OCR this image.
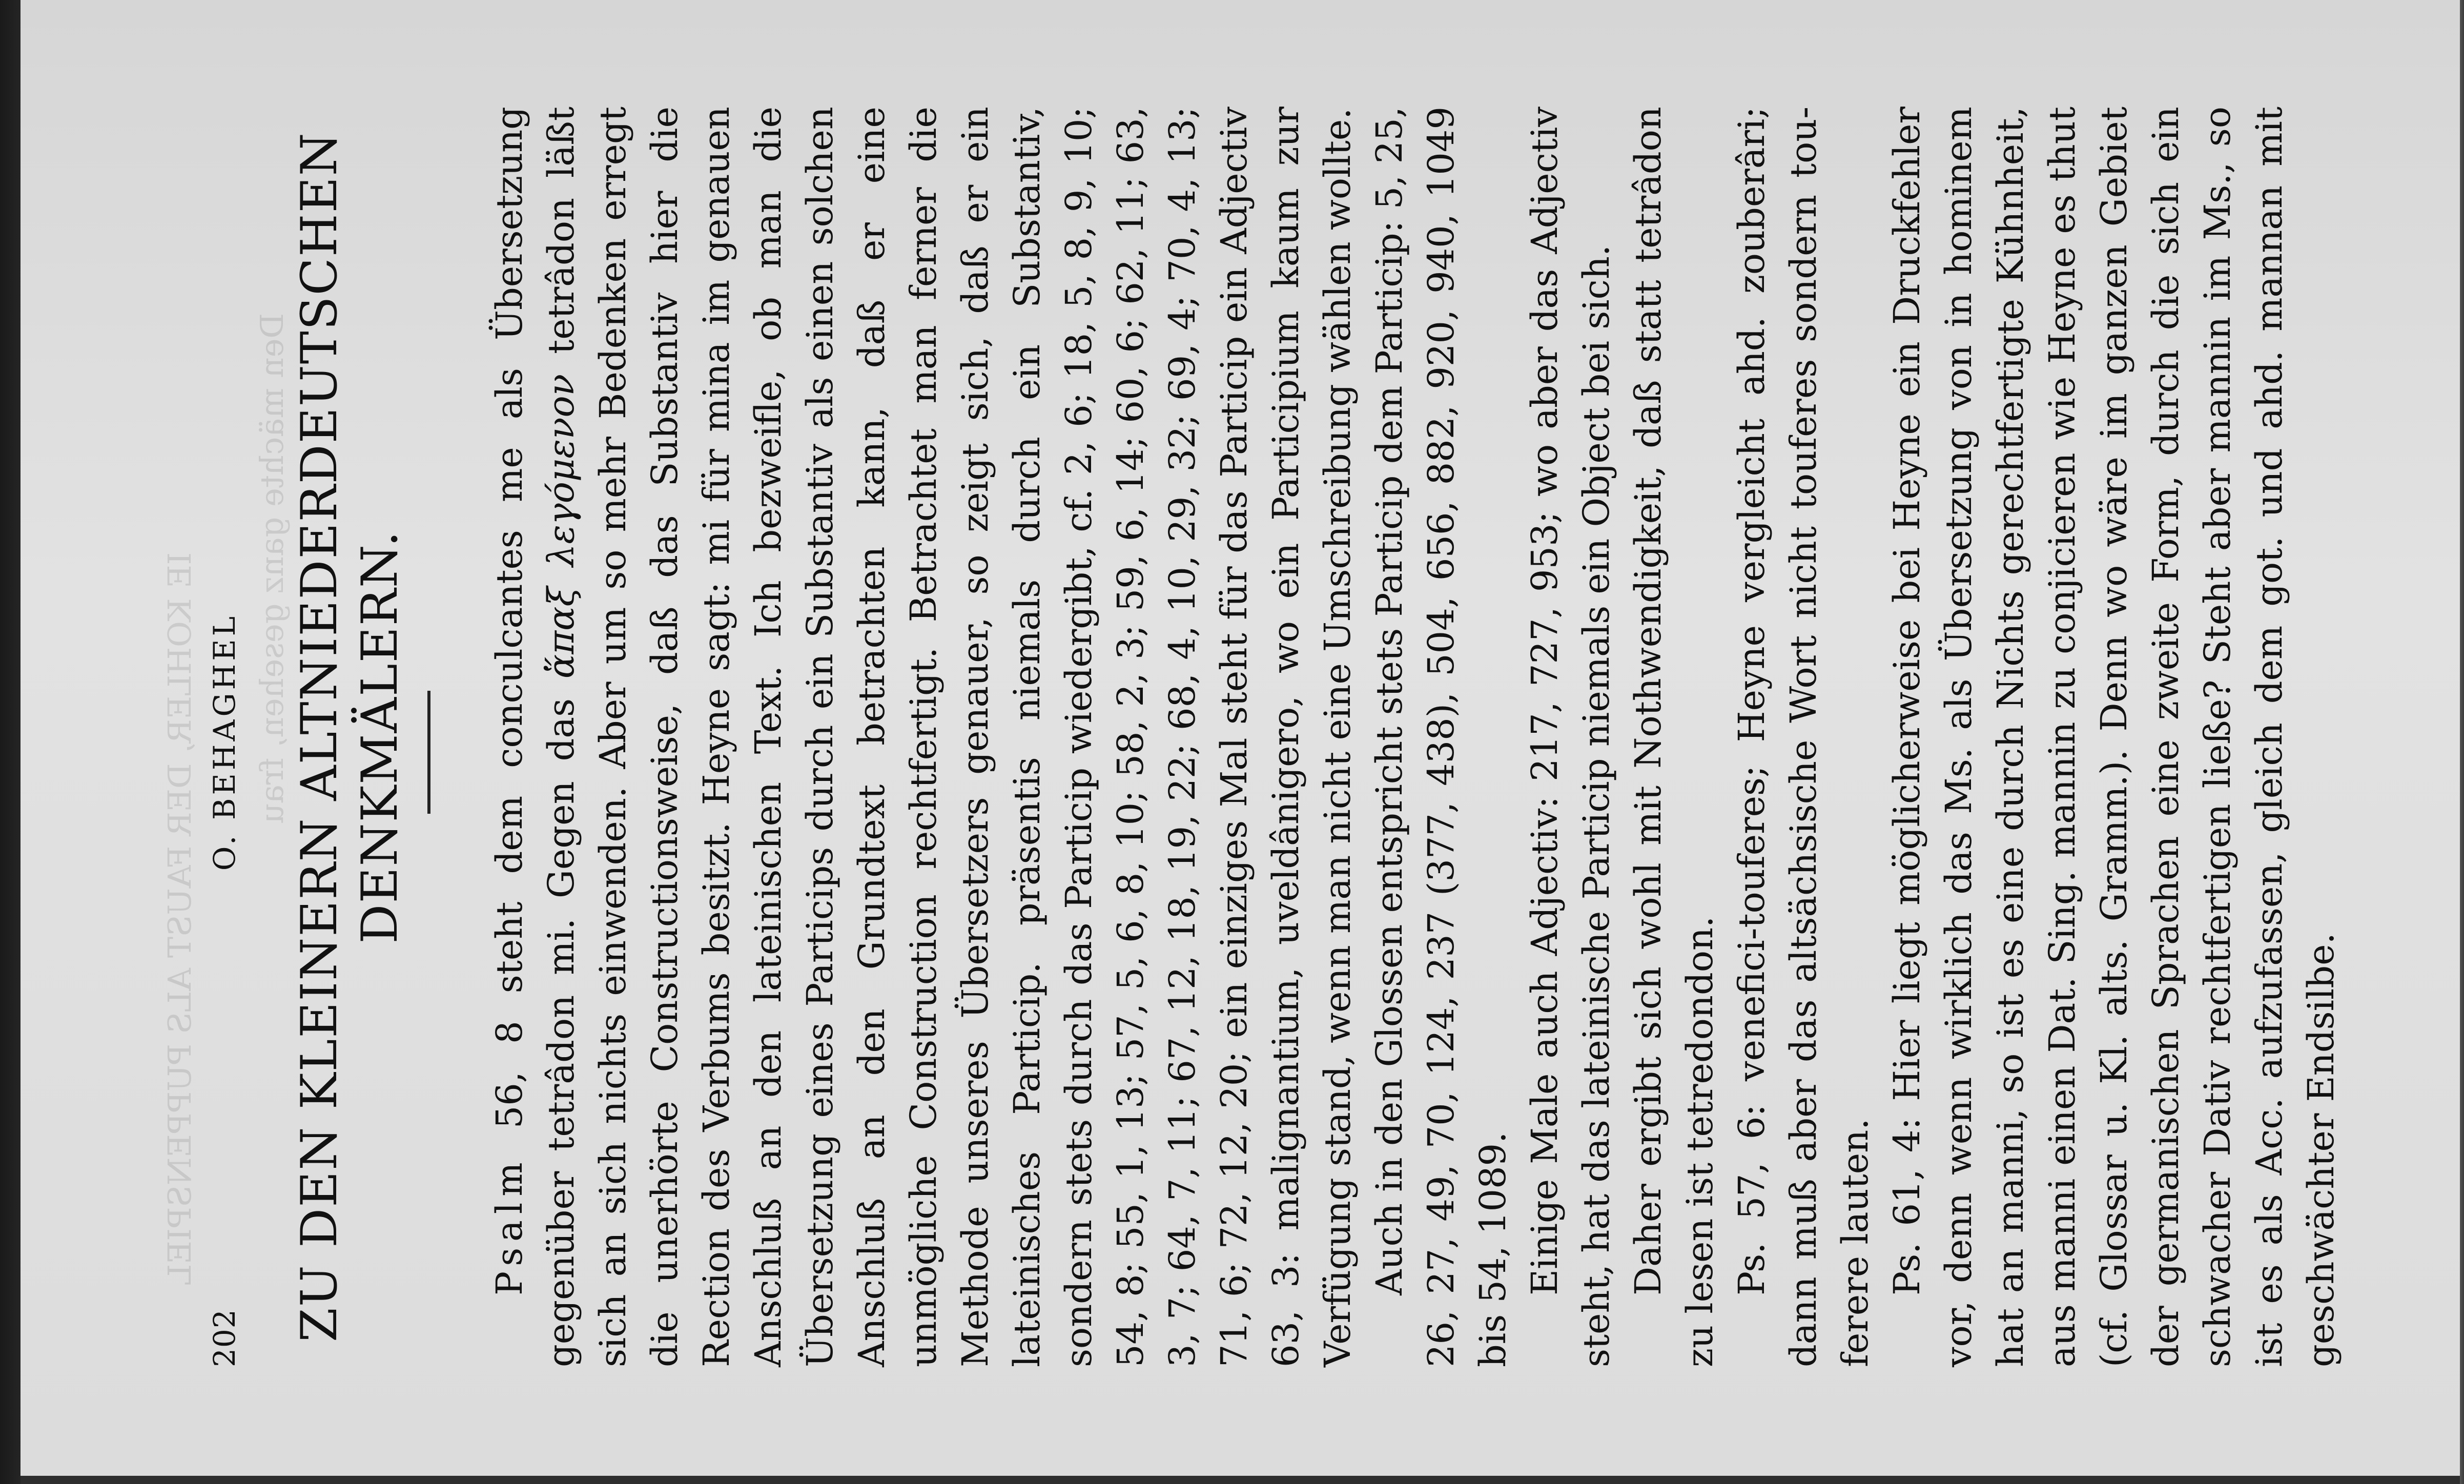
IE KOHLER, DER FAUST ALS PUPPENSPIEL Den mächte ganz gesehen, frau
202
O. BEHAGHEL ZU DEN KLEINERN ALTNIEDERDEUTSCHEN DENKMÄLERN.

Psalm 56, 8 steht dem conculcantes me als Übersetzung gegenüber tetrâdon mi. Gegen das ἅπαξ λεγόμενον tetrâdon läßt sich an sich nichts einwenden. Aber um so mehr Bedenken erregt die unerhörte Constructionsweise, daß das Substantiv hier die Rection des Verbums besitzt. Heyne sagt: mi für mina im genauen Anschluß an den lateinischen Text. Ich bezweifle, ob man die Übersetzung eines Particips durch ein Substantiv als einen solchen Anschluß an den Grundtext betrachten kann, daß er eine unmögliche Construction rechtfertigt. Betrachtet man ferner die Methode unseres Übersetzers genauer, so zeigt sich, daß er ein lateinisches Particip. präsentis niemals durch ein Substantiv, sondern stets durch das Particip wiedergibt, cf. 2, 6; 18, 5, 8, 9, 10; 54, 8; 55, 1, 13; 57, 5, 6, 8, 10; 58, 2, 3; 59, 6, 14; 60, 6; 62, 11; 63, 3, 7; 64, 7, 11; 67, 12, 18, 19, 22; 68, 4, 10, 29, 32; 69, 4; 70, 4, 13; 71, 6; 72, 12, 20; ein einziges Mal steht für das Particip ein Adjectiv 63, 3: malignantium, uveldânigero, wo ein Participium kaum zur Verfügung stand, wenn man nicht eine Umschreibung wählen wollte. Auch in den Glossen entspricht stets Particip dem Particip: 5, 25, 26, 27, 49, 70, 124, 237 (377, 438), 504, 656, 882, 920, 940, 1049 bis 54, 1089. Einige Male auch Adjectiv: 217, 727, 953; wo aber das Adjectiv steht, hat das lateinische Particip niemals ein Object bei sich. Daher ergibt sich wohl mit Nothwendigkeit, daß statt tetrâdon zu lesen ist tetredondon. Ps. 57, 6: venefici-touferes; Heyne vergleicht ahd. zouberâri; dann muß aber das altsächsische Wort nicht touferes sondern touferere lauten. Ps. 61, 4: Hier liegt möglicherweise bei Heyne ein Druckfehler vor, denn wenn wirklich das Ms. als Übersetzung von in hominem hat an manni, so ist es eine durch Nichts gerechtfertigte Kühnheit, aus manni einen Dat. Sing. mannin zu conjicieren wie Heyne es thut (cf. Glossar u. Kl. alts. Gramm.). Denn wo wäre im ganzen Gebiet der germanischen Sprachen eine zweite Form, durch die sich ein schwacher Dativ rechtfertigen ließe? Steht aber mannin im Ms., so ist es als Acc. aufzufassen, gleich dem got. und ahd. mannan mit geschwächter Endsilbe.
